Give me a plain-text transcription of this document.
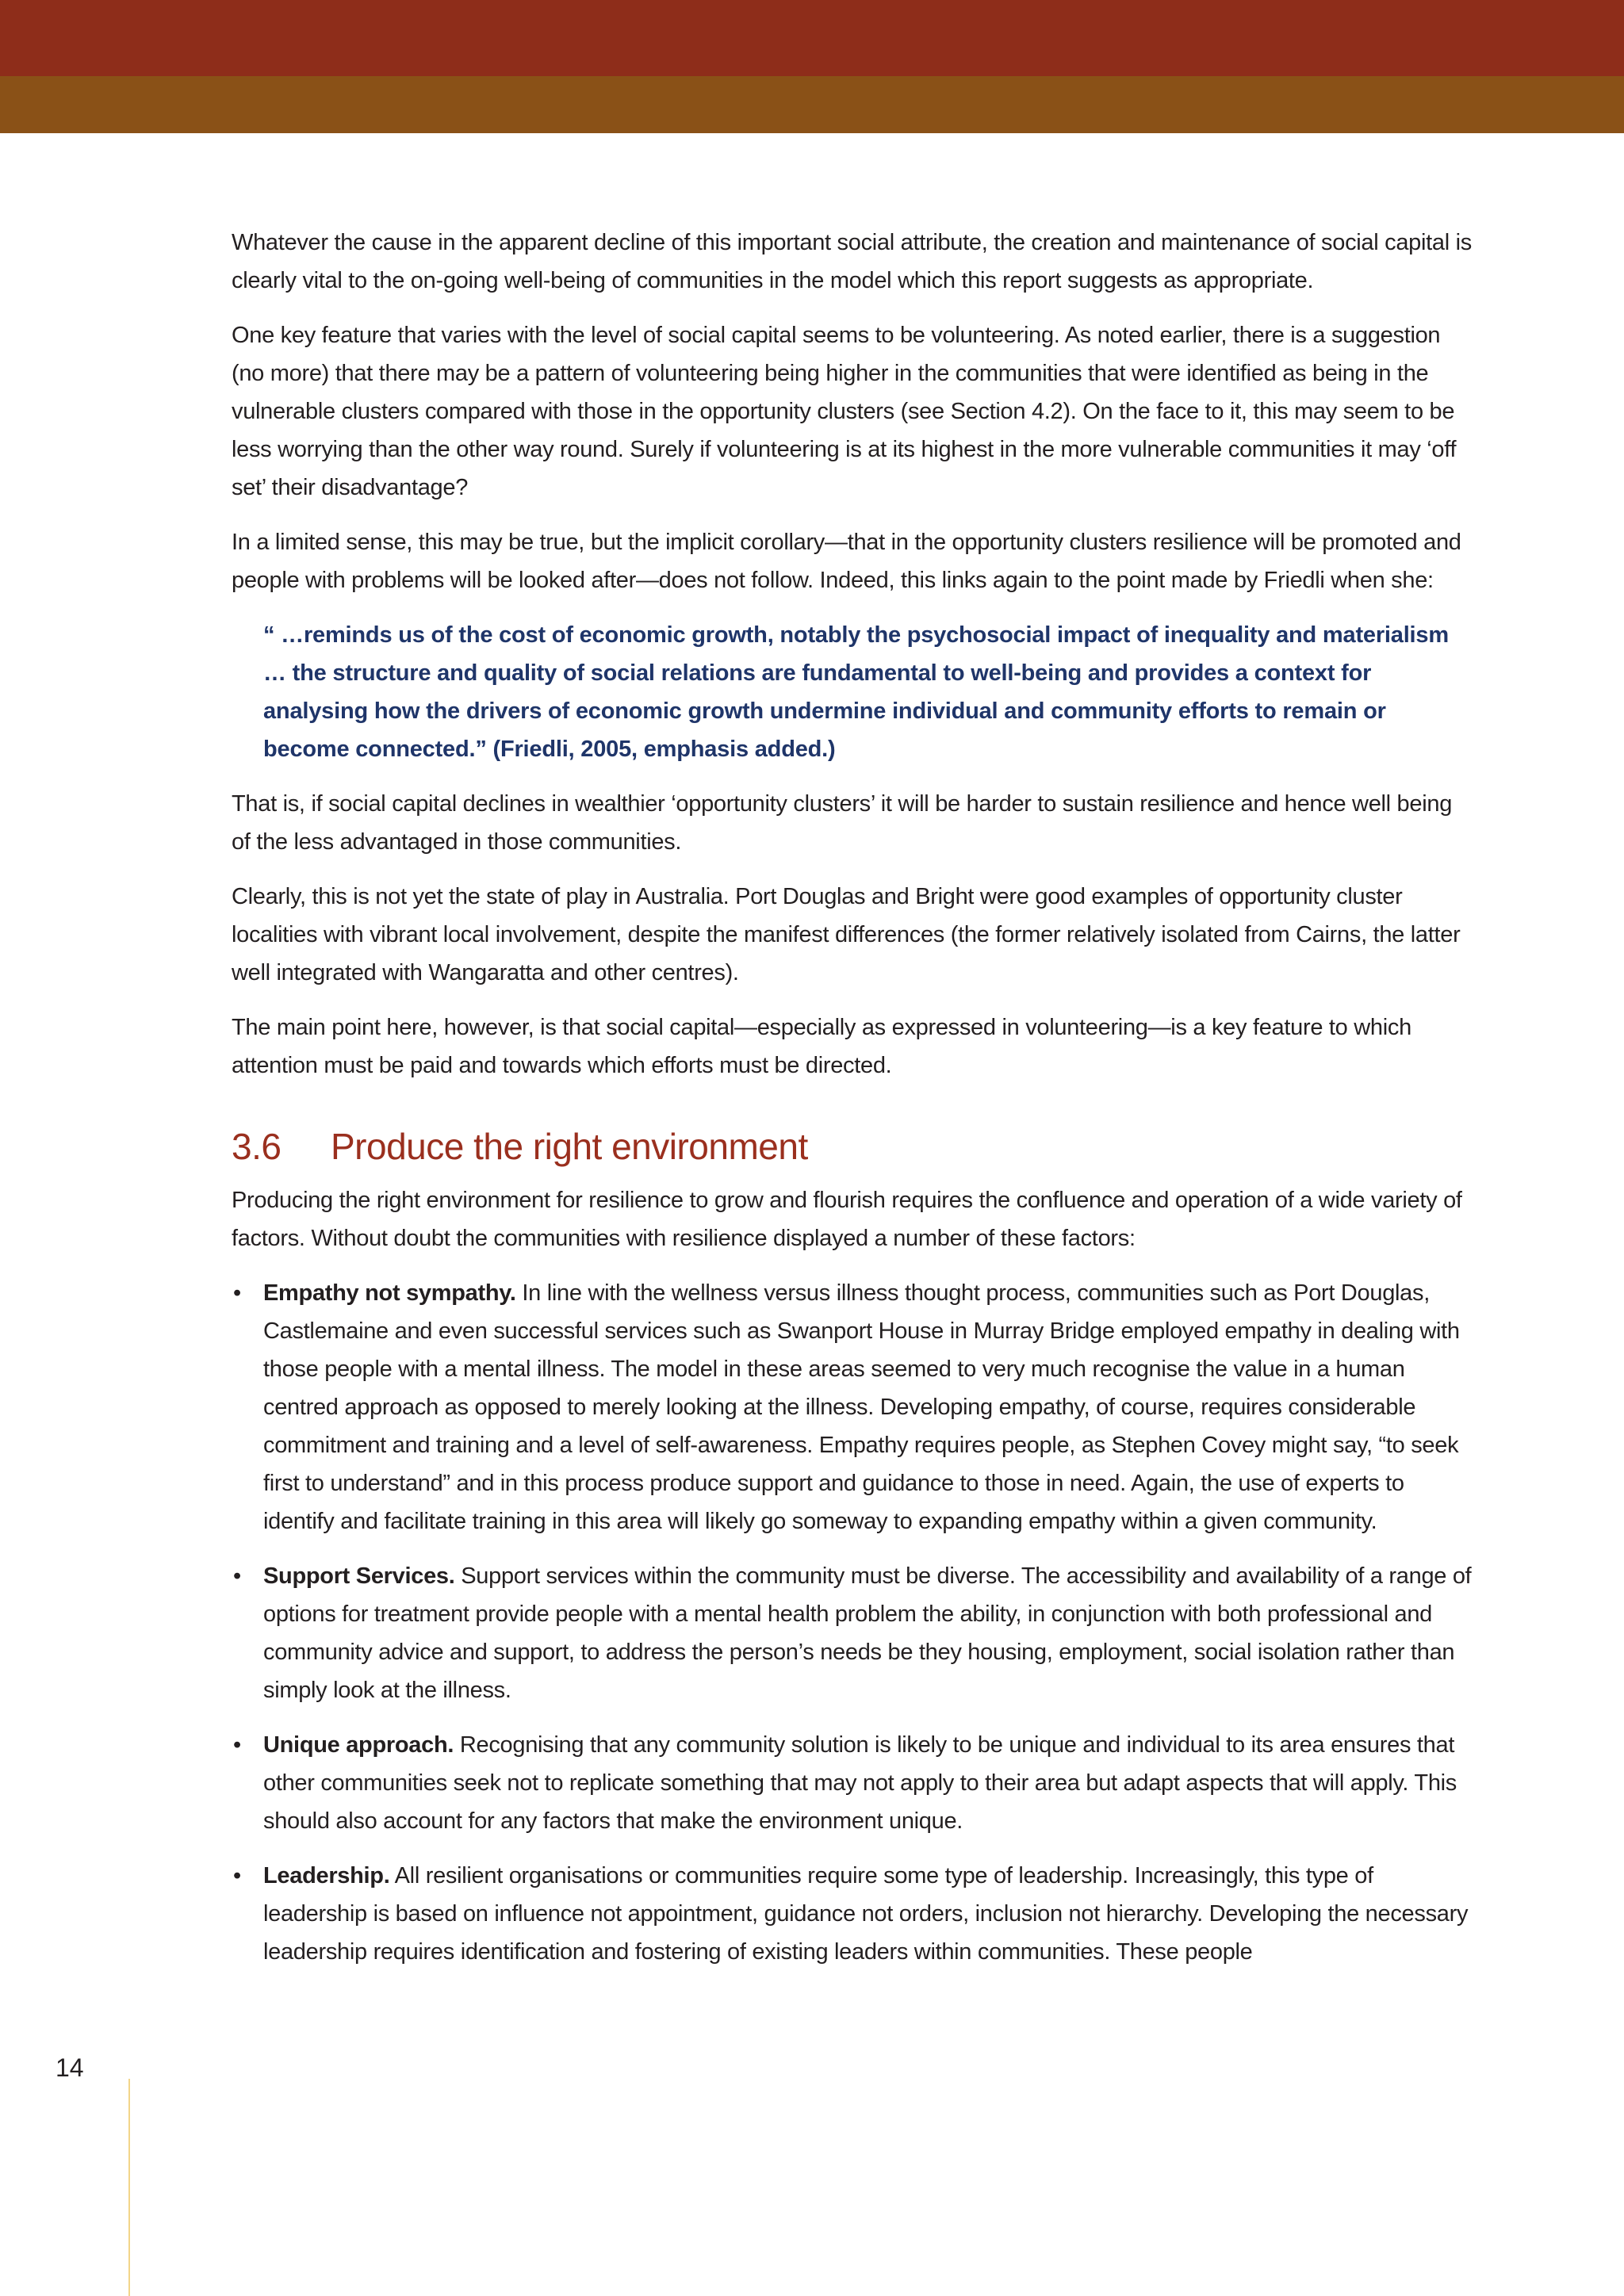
Whatever the cause in the apparent decline of this important social attribute, the creation and maintenance of social capital is clearly vital to the on-going well-being of communities in the model which this report suggests as appropriate.

One key feature that varies with the level of social capital seems to be volunteering. As noted earlier, there is a suggestion (no more) that there may be a pattern of volunteering being higher in the communities that were identified as being in the vulnerable clusters compared with those in the opportunity clusters (see Section 4.2). On the face to it, this may seem to be less worrying than the other way round. Surely if volunteering is at its highest in the more vulnerable communities it may ‘off set’ their disadvantage?

In a limited sense, this may be true, but the implicit corollary—that in the opportunity clusters resilience will be promoted and people with problems will be looked after—does not follow. Indeed, this links again to the point made by Friedli when she:

“ …reminds us of the cost of economic growth, notably the psychosocial impact of inequality and materialism … the structure and quality of social relations are fundamental to well-being and provides a context for analysing how the drivers of economic growth undermine individual and community efforts to remain or become connected.” (Friedli, 2005, emphasis added.)

That is, if social capital declines in wealthier ‘opportunity clusters’ it will be harder to sustain resilience and hence well being of the less advantaged in those communities.

Clearly, this is not yet the state of play in Australia. Port Douglas and Bright were good examples of opportunity cluster localities with vibrant local involvement, despite the manifest differences (the former relatively isolated from Cairns, the latter well integrated with Wangaratta and other centres).

The main point here, however, is that social capital—especially as expressed in volunteering—is a key feature to which attention must be paid and towards which efforts must be directed.

3.6 Produce the right environment

Producing the right environment for resilience to grow and flourish requires the confluence and operation of a wide variety of factors. Without doubt the communities with resilience displayed a number of these factors:

• Empathy not sympathy. In line with the wellness versus illness thought process, communities such as Port Douglas, Castlemaine and even successful services such as Swanport House in Murray Bridge employed empathy in dealing with those people with a mental illness. The model in these areas seemed to very much recognise the value in a human centred approach as opposed to merely looking at the illness. Developing empathy, of course, requires considerable commitment and training and a level of self-awareness. Empathy requires people, as Stephen Covey might say, “to seek first to understand” and in this process produce support and guidance to those in need. Again, the use of experts to identify and facilitate training in this area will likely go someway to expanding empathy within a given community.
• Support Services. Support services within the community must be diverse. The accessibility and availability of a range of options for treatment provide people with a mental health problem the ability, in conjunction with both professional and community advice and support, to address the person’s needs be they housing, employment, social isolation rather than simply look at the illness.
• Unique approach. Recognising that any community solution is likely to be unique and individual to its area ensures that other communities seek not to replicate something that may not apply to their area but adapt aspects that will apply. This should also account for any factors that make the environment unique.
• Leadership. All resilient organisations or communities require some type of leadership. Increasingly, this type of leadership is based on influence not appointment, guidance not orders, inclusion not hierarchy. Developing the necessary leadership requires identification and fostering of existing leaders within communities. These people
14
